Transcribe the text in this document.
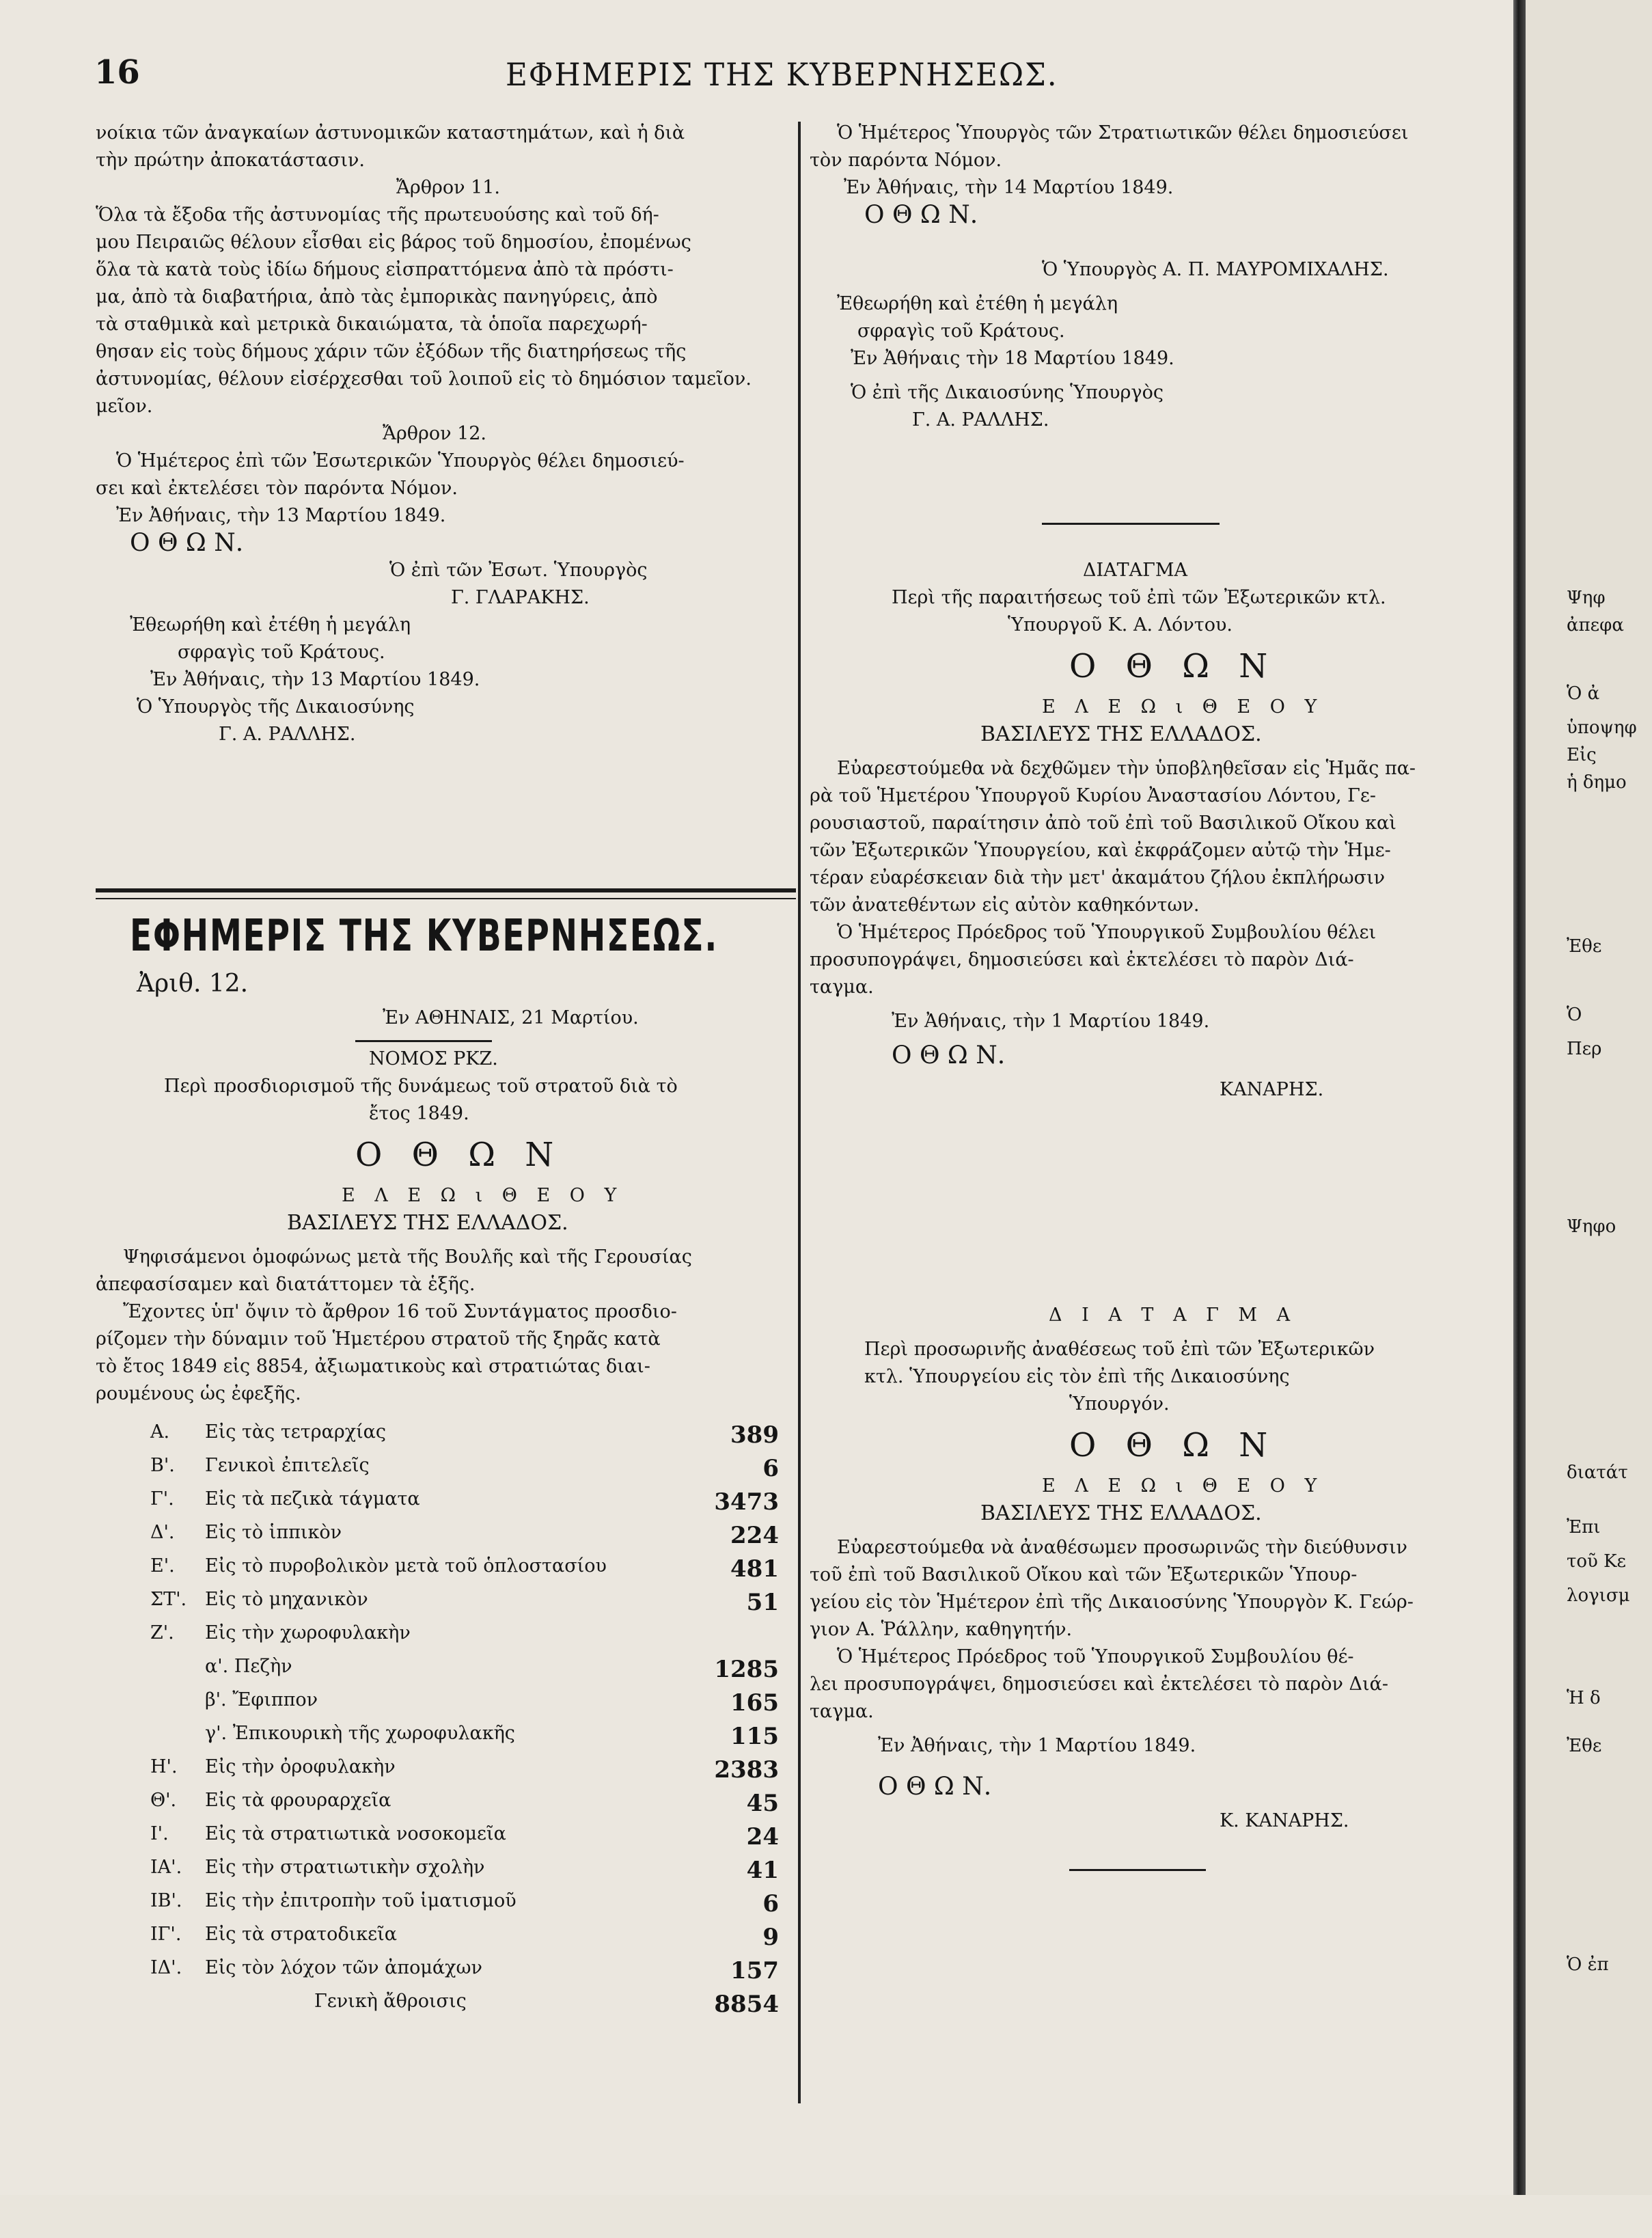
16	ΕΦΗΜΕΡΙΣ ΤΗΣ ΚΥΒΕΡΝΗΣΕΩΣ.
νοίκια τῶν ἀναγκαίων ἀστυνομικῶν καταστημάτων, καὶ ἡ διὰ
τὴν πρώτην ἀποκατάστασιν.
Ἄρθρον 11.
Ὅλα τὰ ἔξοδα τῆς ἀστυνομίας τῆς πρωτευούσης καὶ τοῦ δή-
μου Πειραιῶς θέλουν εἶσθαι εἰς βάρος τοῦ δημοσίου, ἐπομένως
ὅλα τὰ κατὰ τοὺς ἰδίω δήμους εἰσπραττόμενα ἀπὸ τὰ πρόστι-
μα, ἀπὸ τὰ διαβατήρια, ἀπὸ τὰς ἐμπορικὰς πανηγύρεις, ἀπὸ
τὰ σταθμικὰ καὶ μετρικὰ δικαιώματα, τὰ ὁποῖα παρεχωρή-
θησαν εἰς τοὺς δήμους χάριν τῶν ἐξόδων τῆς διατηρήσεως τῆς
ἀστυνομίας, θέλουν εἰσέρχεσθαι τοῦ λοιποῦ εἰς τὸ δημόσιον ταμεῖον.
μεῖον.
Ἄρθρον 12.
Ὁ Ἡμέτερος ἐπὶ τῶν Ἐσωτερικῶν Ὑπουργὸς θέλει δημοσιεύ-
σει καὶ ἐκτελέσει τὸν παρόντα Νόμον.
Ἐν Ἀθήναις, τὴν 13 Μαρτίου 1849.
Ο Θ Ω Ν.
Ὁ ἐπὶ τῶν Ἐσωτ. Ὑπουργὸς
Γ. ΓΛΑΡΑΚΗΣ.
Ἐθεωρήθη καὶ ἐτέθη ἡ μεγάλη
σφραγὶς τοῦ Κράτους.
Ἐν Ἀθήναις, τὴν 13 Μαρτίου 1849.
Ὁ Ὑπουργὸς τῆς Δικαιοσύνης
Γ. Α. ΡΑΛΛΗΣ.
ΕΦΗΜΕΡΙΣ ΤΗΣ ΚΥΒΕΡΝΗΣΕΩΣ.
Ἀριθ. 12.
Ἐν ΑΘΗΝΑΙΣ, 21 Μαρτίου.
ΝΟΜΟΣ ΡΚΖ.
Περὶ προσδιορισμοῦ τῆς δυνάμεως τοῦ στρατοῦ διὰ τὸ
ἔτος 1849.
Ο Θ Ω Ν
Ε Λ Ε Ω ι Θ Ε Ο Υ
ΒΑΣΙΛΕΥΣ ΤΗΣ ΕΛΛΑΔΟΣ.
Ψηφισάμενοι ὁμοφώνως μετὰ τῆς Βουλῆς καὶ τῆς Γερουσίας
ἀπεφασίσαμεν καὶ διατάττομεν τὰ ἑξῆς.
Ἔχοντες ὑπ' ὄψιν τὸ ἄρθρον 16 τοῦ Συντάγματος προσδιο-
ρίζομεν τὴν δύναμιν τοῦ Ἡμετέρου στρατοῦ τῆς ξηρᾶς κατὰ
τὸ ἔτος 1849 εἰς 8854, ἀξιωματικοὺς καὶ στρατιώτας διαι-
ρουμένους ὡς ἐφεξῆς.
Α. Εἰς τὰς τετραρχίας	389
Β'. Γενικοὶ ἐπιτελεῖς	6
Γ'. Εἰς τὰ πεζικὰ τάγματα	3473
Δ'. Εἰς τὸ ἱππικὸν	224
Ε'. Εἰς τὸ πυροβολικὸν μετὰ τοῦ ὁπλοστασίου	481
ΣΤ'. Εἰς τὸ μηχανικὸν	51
Ζ'. Εἰς τὴν χωροφυλακὴν
α'. Πεζὴν	1285
β'. Ἔφιππον	165
γ'. Ἐπικουρικὴ τῆς χωροφυλακῆς	115
Η'. Εἰς τὴν ὀροφυλακὴν	2383
Θ'. Εἰς τὰ φρουραρχεῖα	45
Ι'. Εἰς τὰ στρατιωτικὰ νοσοκομεῖα	24
ΙΑ'. Εἰς τὴν στρατιωτικὴν σχολὴν	41
ΙΒ'. Εἰς τὴν ἐπιτροπὴν τοῦ ἱματισμοῦ	6
ΙΓ'. Εἰς τὰ στρατοδικεῖα	9
ΙΔ'. Εἰς τὸν λόχον τῶν ἀπομάχων	157
Γενικὴ ἄθροισις	8854
Ὁ Ἡμέτερος Ὑπουργὸς τῶν Στρατιωτικῶν θέλει δημοσιεύσει
τὸν παρόντα Νόμον.
Ἐν Ἀθήναις, τὴν 14 Μαρτίου 1849.
Ο Θ Ω Ν.
Ὁ Ὑπουργὸς Α. Π. ΜΑΥΡΟΜΙΧΑΛΗΣ.
Ἐθεωρήθη καὶ ἐτέθη ἡ μεγάλη
σφραγὶς τοῦ Κράτους.
Ἐν Ἀθήναις τὴν 18 Μαρτίου 1849.
Ὁ ἐπὶ τῆς Δικαιοσύνης Ὑπουργὸς
Γ. Α. ΡΑΛΛΗΣ.
ΔΙΑΤΑΓΜΑ
Περὶ τῆς παραιτήσεως τοῦ ἐπὶ τῶν Ἐξωτερικῶν κτλ.
Ὑπουργοῦ Κ. Α. Λόντου.
Ο Θ Ω Ν
Ε Λ Ε Ω ι Θ Ε Ο Υ
ΒΑΣΙΛΕΥΣ ΤΗΣ ΕΛΛΑΔΟΣ.
Εὐαρεστούμεθα νὰ δεχθῶμεν τὴν ὑποβληθεῖσαν εἰς Ἡμᾶς πα-
ρὰ τοῦ Ἡμετέρου Ὑπουργοῦ Κυρίου Ἀναστασίου Λόντου, Γε-
ρουσιαστοῦ, παραίτησιν ἀπὸ τοῦ ἐπὶ τοῦ Βασιλικοῦ Οἴκου καὶ
τῶν Ἐξωτερικῶν Ὑπουργείου, καὶ ἐκφράζομεν αὐτῷ τὴν Ἡμε-
τέραν εὐαρέσκειαν διὰ τὴν μετ' ἀκαμάτου ζήλου ἐκπλήρωσιν
τῶν ἀνατεθέντων εἰς αὐτὸν καθηκόντων.
Ὁ Ἡμέτερος Πρόεδρος τοῦ Ὑπουργικοῦ Συμβουλίου θέλει
προσυπογράψει, δημοσιεύσει καὶ ἐκτελέσει τὸ παρὸν Διά-
ταγμα.
Ἐν Ἀθήναις, τὴν 1 Μαρτίου 1849.
Ο Θ Ω Ν.
ΚΑΝΑΡΗΣ.
Δ Ι Α Τ Α Γ Μ Α
Περὶ προσωρινῆς ἀναθέσεως τοῦ ἐπὶ τῶν Ἐξωτερικῶν
κτλ. Ὑπουργείου εἰς τὸν ἐπὶ τῆς Δικαιοσύνης
Ὑπουργόν.
Ο Θ Ω Ν
Ε Λ Ε Ω ι Θ Ε Ο Υ
ΒΑΣΙΛΕΥΣ ΤΗΣ ΕΛΛΑΔΟΣ.
Εὐαρεστούμεθα νὰ ἀναθέσωμεν προσωρινῶς τὴν διεύθυνσιν
τοῦ ἐπὶ τοῦ Βασιλικοῦ Οἴκου καὶ τῶν Ἐξωτερικῶν Ὑπουρ-
γείου εἰς τὸν Ἡμέτερον ἐπὶ τῆς Δικαιοσύνης Ὑπουργὸν Κ. Γεώρ-
γιον Α. Ῥάλλην, καθηγητήν.
Ὁ Ἡμέτερος Πρόεδρος τοῦ Ὑπουργικοῦ Συμβουλίου θέ-
λει προσυπογράψει, δημοσιεύσει καὶ ἐκτελέσει τὸ παρὸν Διά-
ταγμα.
Ἐν Ἀθήναις, τὴν 1 Μαρτίου 1849.
Ο Θ Ω Ν.
Κ. ΚΑΝΑΡΗΣ.
Ψηφ
ἀπεφα
Ὁ ἀ
ὑποψηφ
Εἰς
ἡ δημο
Ἐθε
Ὁ
Περ
Ψηφο
διατάτ
Ἐπι
τοῦ Κε
λογισμ
Ἡ δ
Ἐθε
Ὁ ἐπ
